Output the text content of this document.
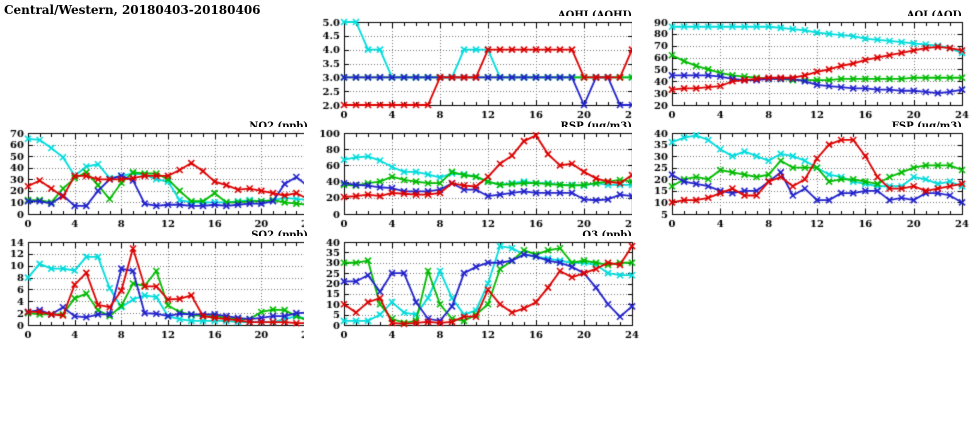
Central/Western, 20180403-20180406
